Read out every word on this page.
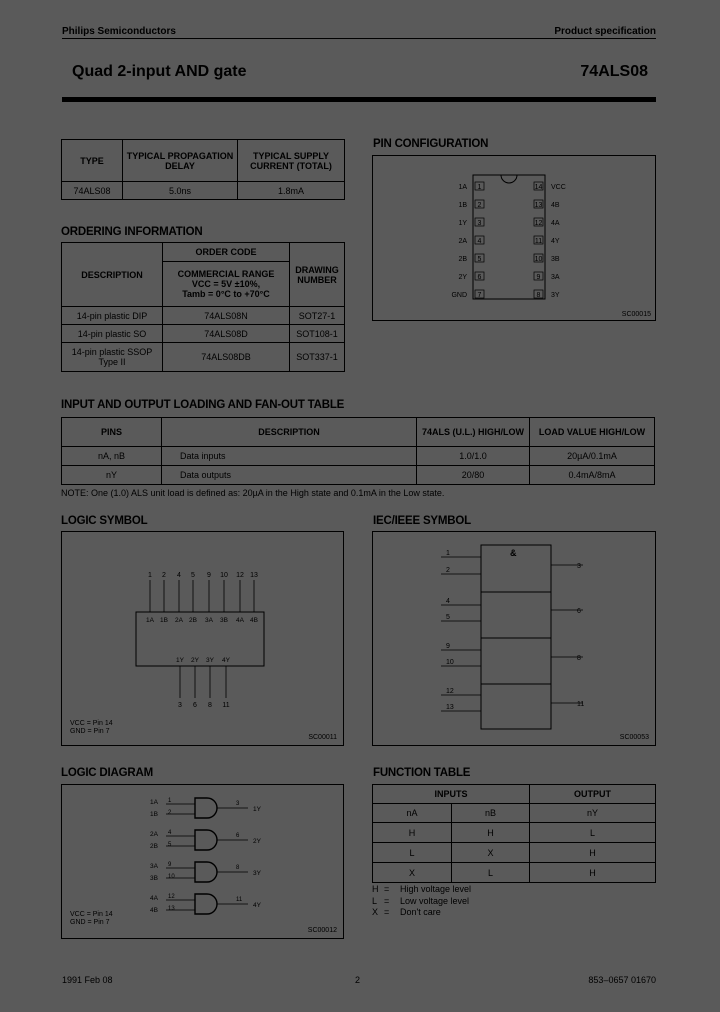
Philips Semiconductors	Product specification
Quad 2-input AND gate	74ALS08
TYPE	TYPICAL PROPAGATION DELAY	TYPICAL SUPPLY CURRENT (TOTAL)
74ALS08	5.0ns	1.8mA
ORDERING INFORMATION
DESCRIPTION	ORDER CODE	DRAWING NUMBER

	COMMERCIAL RANGE
VCC = 5V ±10%,
Tamb = 0°C to +70°C	

14-pin plastic DIP	74ALS08N	SOT27-1
14-pin plastic SO	74ALS08D	SOT108-1
14-pin plastic SSOP Type II	74ALS08DB	SOT337-1
PIN CONFIGURATION
1A 1
1B 2
1Y 3
2A 4
2B 5
2Y 6
GND 7
14 VCC
13 4B
12 4A
11 4Y
10 3B
9 3A
8 3Y
SC00015
INPUT AND OUTPUT LOADING AND FAN-OUT TABLE
PINS	DESCRIPTION	74ALS (U.L.) HIGH/LOW	LOAD VALUE HIGH/LOW
nA, nB	Data inputs	1.0/1.0	20µA/0.1mA
nY	Data outputs	20/80	0.4mA/8mA
NOTE: One (1.0) ALS unit load is defined as: 20µA in the High state and 0.1mA in the Low state.
LOGIC SYMBOL
1
1A
2
1B
4
2A
5
2B
9
3A
10
3B
12
4A
13
4B
1Y
3
2Y
6
3Y
8
4Y
11
VCC = Pin 14
GND = Pin 7
SC00011
IEC/IEEE SYMBOL
1
2
4
5
9
10
12
13
3
6
8
11
&
SC00053
LOGIC DIAGRAM
1A
1B
1
2
3
1Y
2A
2B
4
5
6
2Y
3A
3B
9
10
8
3Y
4A
4B
12
13
11
4Y
VCC = Pin 14
GND = Pin 7
SC00012
FUNCTION TABLE
INPUTS		OUTPUT
nA	nB	nY
H	H	L
L	X	H
X	L	H
H = High voltage level
L = Low voltage level
X = Don't care
1991 Feb 08	2	853–0657 01670
